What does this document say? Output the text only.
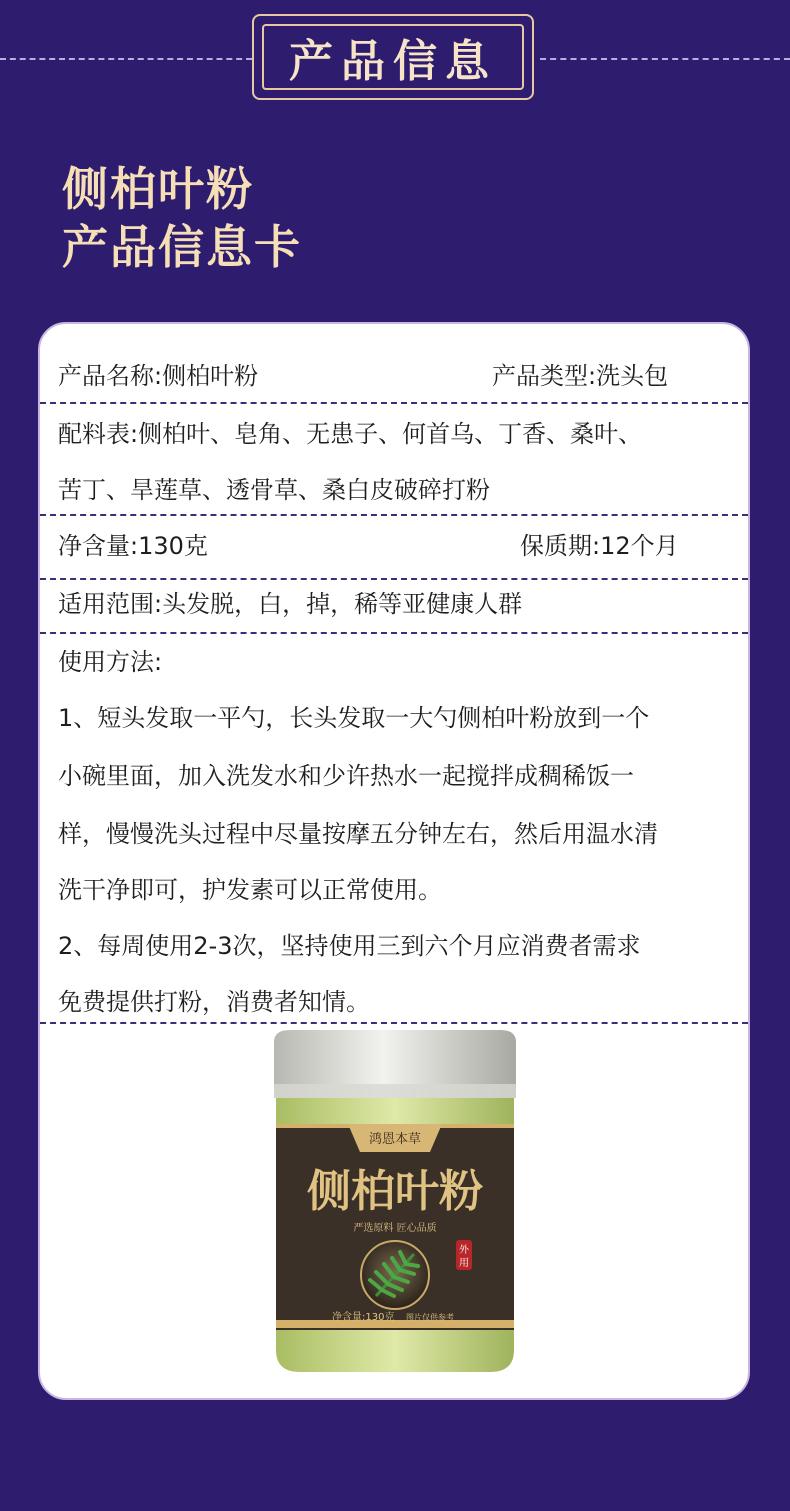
产品信息
侧柏叶粉
产品信息卡
产品名称:侧柏叶粉	产品类型:洗头包
配料表:侧柏叶、皂角、无患子、何首乌、丁香、桑叶、
苦丁、旱莲草、透骨草、桑白皮破碎打粉
净含量:130克	保质期:12个月
适用范围:头发脱，白，掉，稀等亚健康人群
使用方法:
1、短头发取一平勺，长头发取一大勺侧柏叶粉放到一个
小碗里面，加入洗发水和少许热水一起搅拌成稠稀饭一
样，慢慢洗头过程中尽量按摩五分钟左右，然后用温水清
洗干净即可，护发素可以正常使用。
2、每周使用2-3次，坚持使用三到六个月应消费者需求
免费提供打粉，消费者知情。
鸿恩本草
侧柏叶粉
严选原料 匠心品质
外
用
净含量:130克 图片仅供参考
